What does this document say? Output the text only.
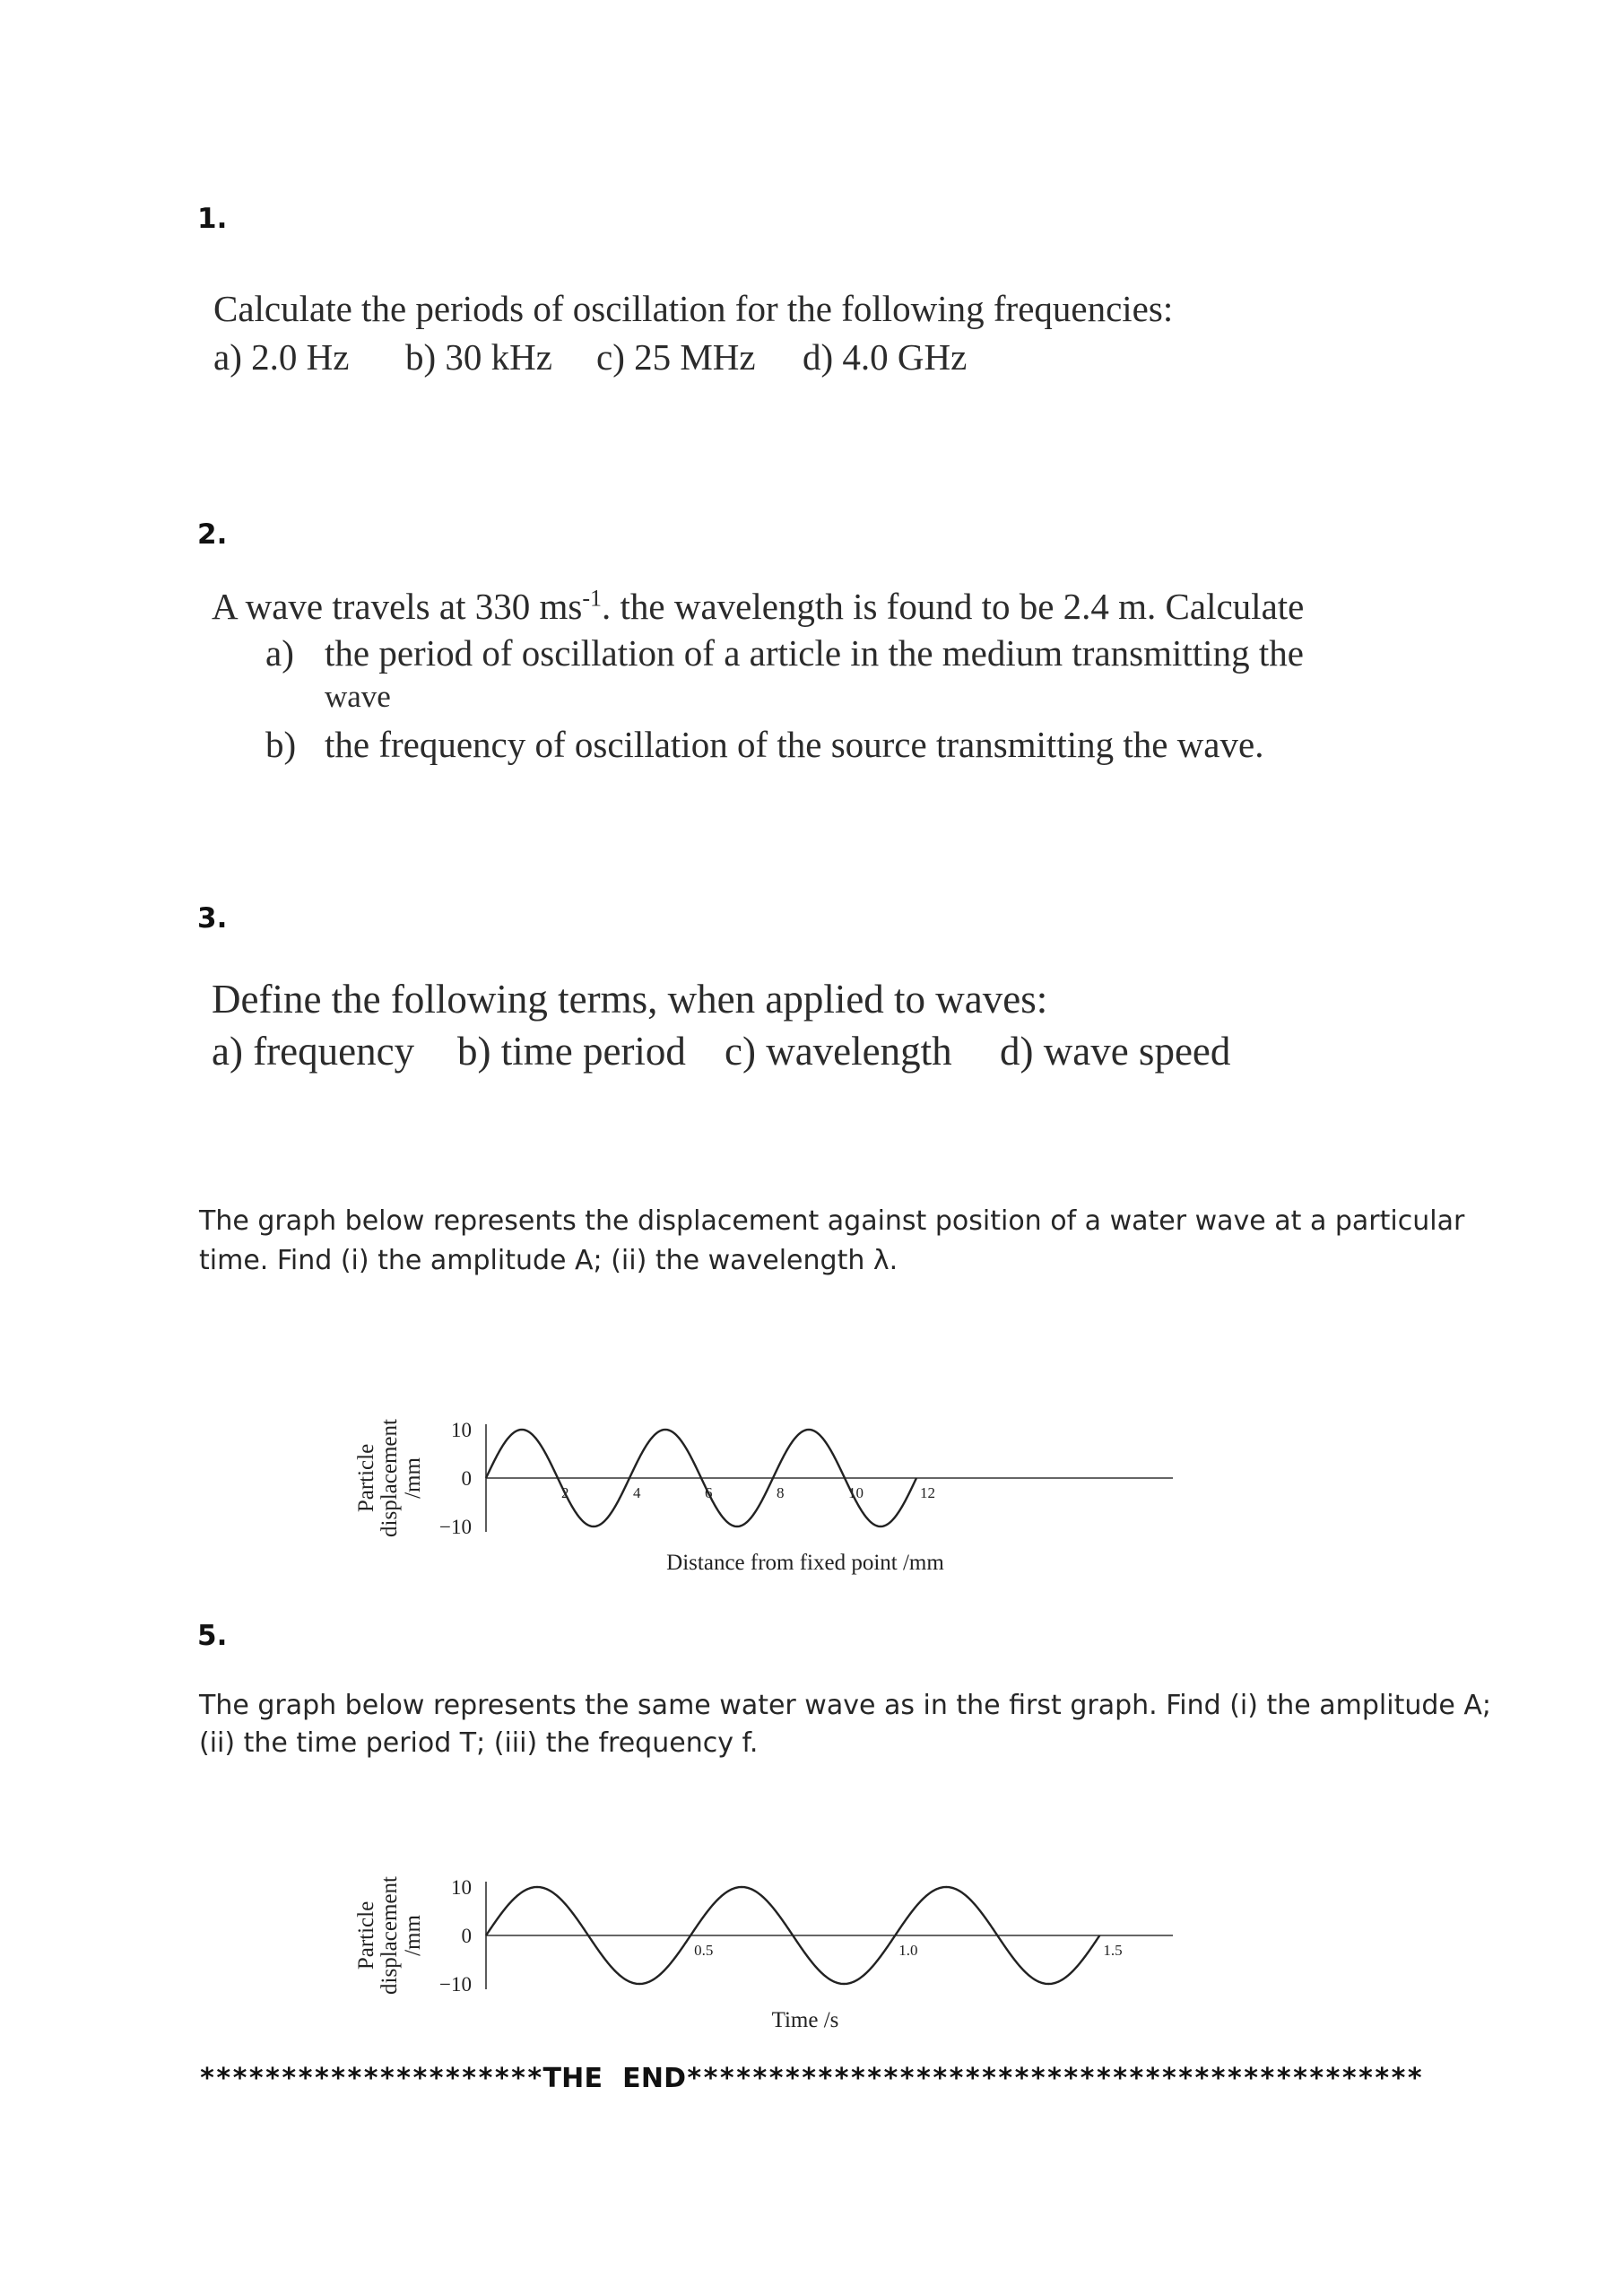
1.
Calculate the periods of oscillation for the following frequencies:
a) 2.0 Hz b) 30 kHz c) 25 MHz d) 4.0 GHz
2.
A wave travels at 330 $ms^{-1}$. the wavelength is found to be 2.4 m. Calculate
a) the period of oscillation of a article in the medium transmitting the
wave
b) the frequency of oscillation of the source transmitting the wave.
3.
Define the following terms, when applied to waves:
a) frequency b) time period c) wavelength d) wave speed
The graph below represents the displacement against position of a water wave at a particular
time. Find (i) the amplitude A; (ii) the wavelength λ.
Particle displacement /mm
10
0
−10
2	4	6	8	10	12
Distance from fixed point /mm
5.
The graph below represents the same water wave as in the first graph. Find (i) the amplitude A;
(ii) the time period T; (iii) the frequency f.
Particle displacement /mm
10
0
−10
0.5	1.0	1.5
Time /s
*********************THE END*********************************************
